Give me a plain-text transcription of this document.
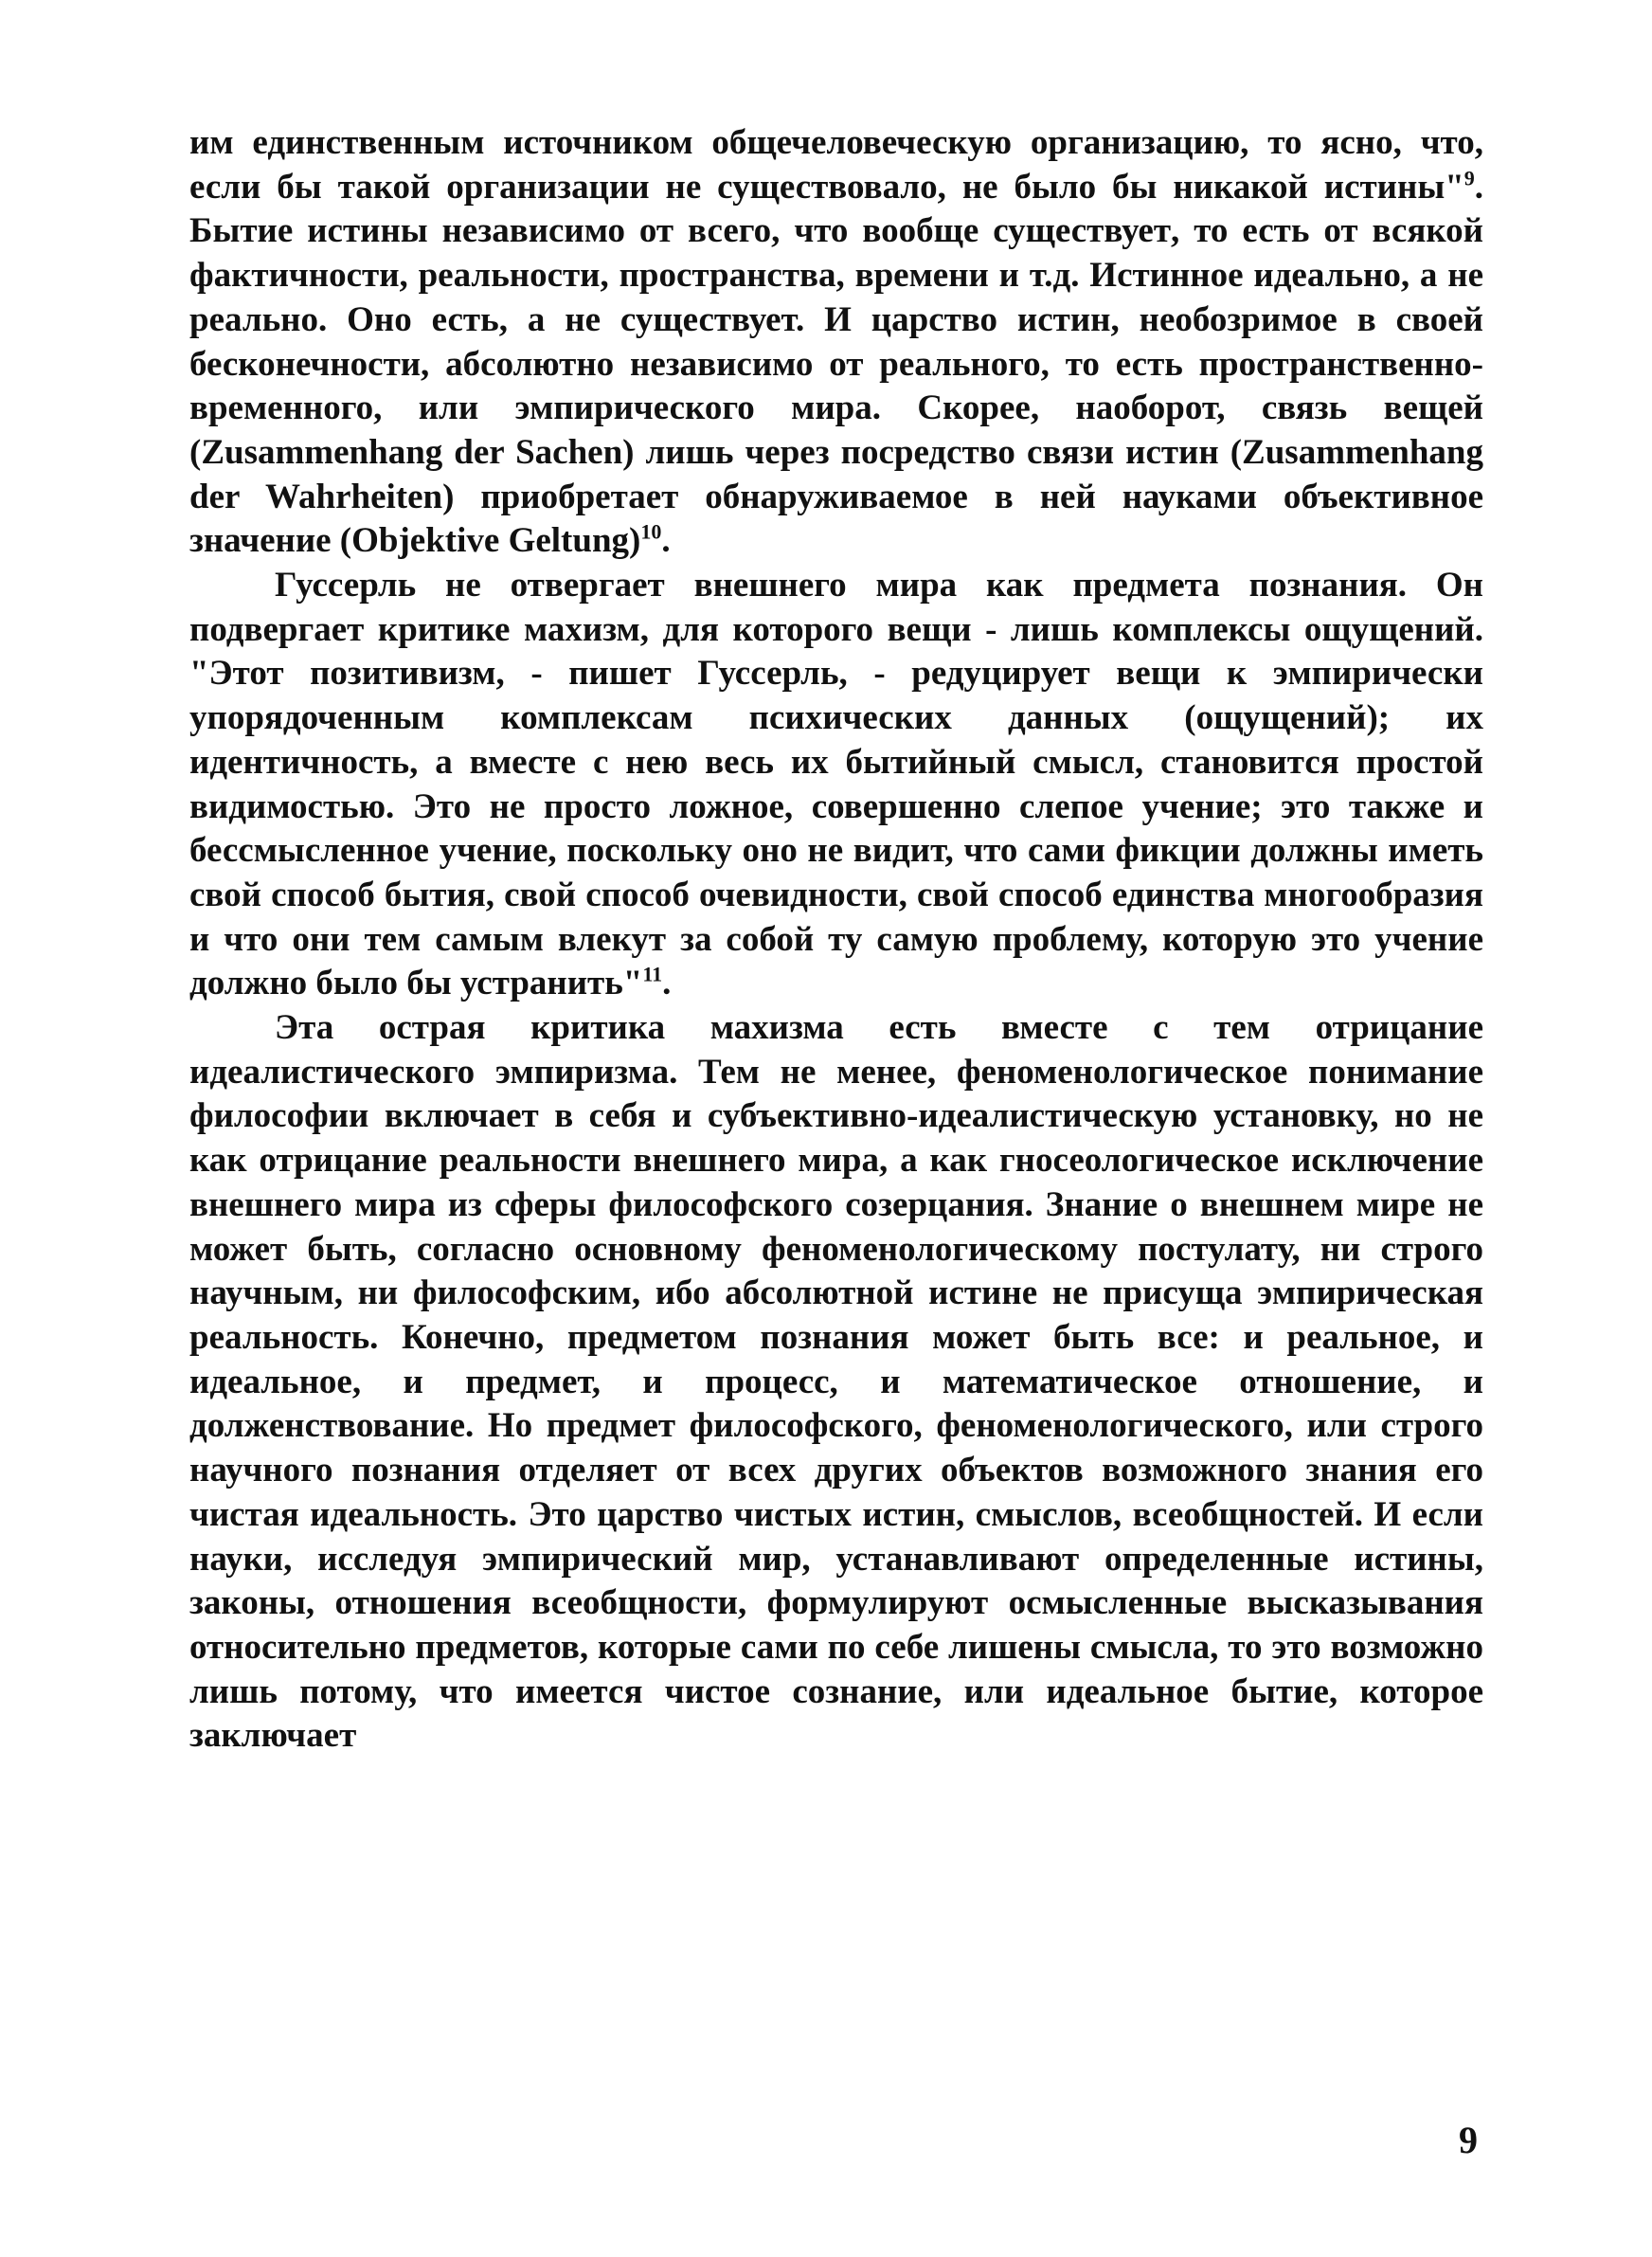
им единственным источником общечеловеческую организацию, то ясно, что, если бы такой организации не существовало, не было бы никакой истины"$^9$. Бытие истины независимо от всего, что вообще существует, то есть от всякой фактичности, реальности, пространства, времени и т.д. Истинное идеально, а не реально. Оно есть, а не существует. И царство истин, необозримое в своей бесконечности, абсолютно независимо от реального, то есть пространственно-временного, или эмпирического мира. Скорее, наоборот, связь вещей (Zusammenhang der Sachen) лишь через посредство связи истин (Zusammenhang der Wahrheiten) приобретает обнаруживаемое в ней науками объективное значение (Objektive Geltung)$^{10}$.

Гуссерль не отвергает внешнего мира как предмета познания. Он подвергает критике махизм, для которого вещи - лишь комплексы ощущений. "Этот позитивизм, - пишет Гуссерль, - редуцирует вещи к эмпирически упорядоченным комплексам психических данных (ощущений); их идентичность, а вместе с нею весь их бытийный смысл, становится простой видимостью. Это не просто ложное, совершенно слепое учение; это также и бессмысленное учение, поскольку оно не видит, что сами фикции должны иметь свой способ бытия, свой способ очевидности, свой способ единства многообразия и что они тем самым влекут за собой ту самую проблему, которую это учение должно было бы устранить"$^{11}$.

Эта острая критика махизма есть вместе с тем отрицание идеалистического эмпиризма. Тем не менее, феноменологическое понимание философии включает в себя и субъективно-идеалистическую установку, но не как отрицание реальности внешнего мира, а как гносеологическое исключение внешнего мира из сферы философского созерцания. Знание о внешнем мире не может быть, согласно основному феноменологическому постулату, ни строго научным, ни философским, ибо абсолютной истине не присуща эмпирическая реальность. Конечно, предметом познания может быть все: и реальное, и идеальное, и предмет, и процесс, и математическое отношение, и долженствование. Но предмет философского, феноменологического, или строго научного познания отделяет от всех других объектов возможного знания его чистая идеальность. Это царство чистых истин, смыслов, всеобщностей. И если науки, исследуя эмпирический мир, устанавливают определенные истины, законы, отношения всеобщности, формулируют осмысленные высказывания относительно предметов, которые сами по себе лишены смысла, то это возможно лишь потому, что имеется чистое сознание, или идеальное бытие, которое заключает

9
